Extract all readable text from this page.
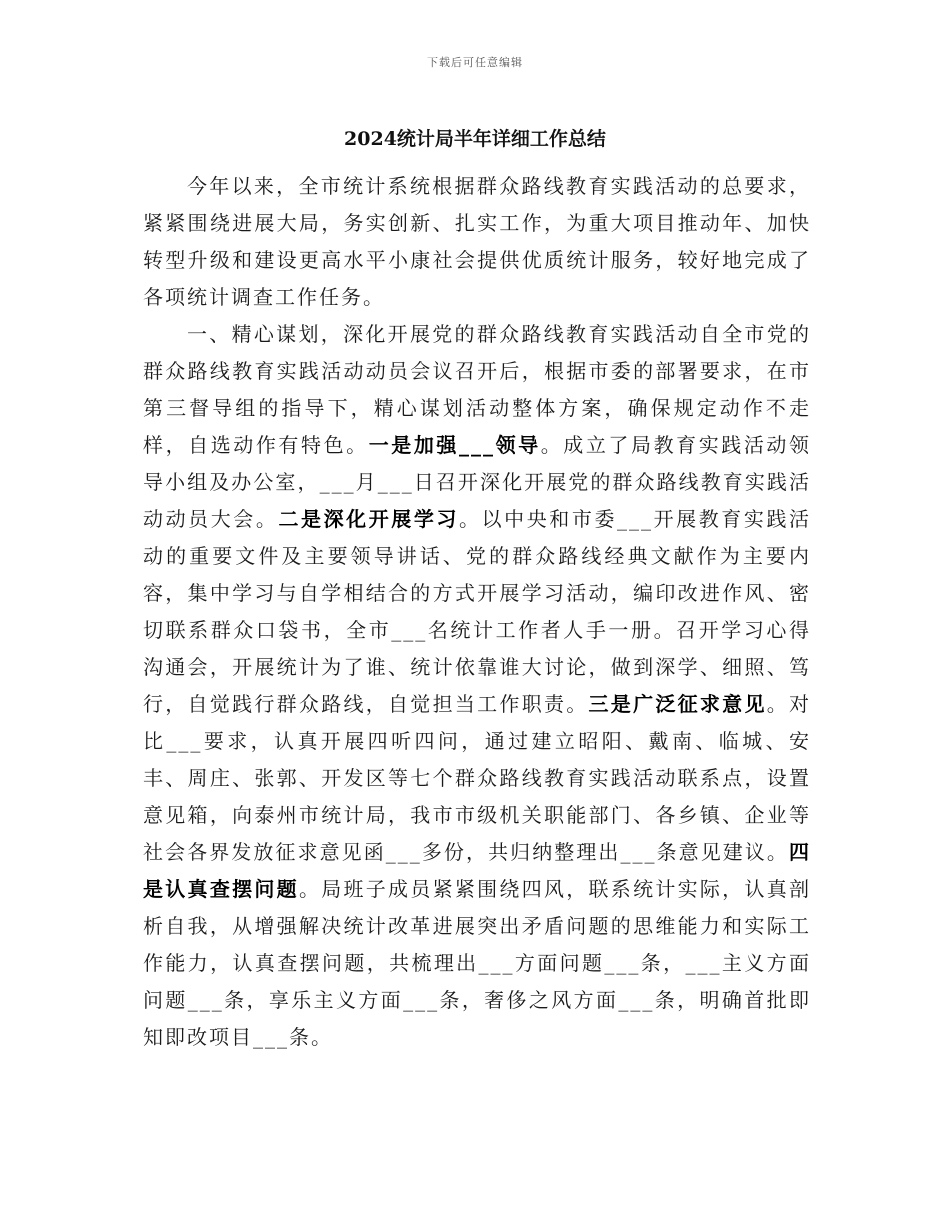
下载后可任意编辑
2024统计局半年详细工作总结

今年以来，全市统计系统根据群众路线教育实践活动的总要求，紧紧围绕进展大局，务实创新、扎实工作，为重大项目推动年、加快转型升级和建设更高水平小康社会提供优质统计服务，较好地完成了各项统计调查工作任务。

一、精心谋划，深化开展党的群众路线教育实践活动自全市党的群众路线教育实践活动动员会议召开后，根据市委的部署要求，在市第三督导组的指导下，精心谋划活动整体方案，确保规定动作不走样，自选动作有特色。一是加强___领导。成立了局教育实践活动领导小组及办公室，___月___日召开深化开展党的群众路线教育实践活动动员大会。二是深化开展学习。以中央和市委___开展教育实践活动的重要文件及主要领导讲话、党的群众路线经典文献作为主要内容，集中学习与自学相结合的方式开展学习活动，编印改进作风、密切联系群众口袋书，全市___名统计工作者人手一册。召开学习心得沟通会，开展统计为了谁、统计依靠谁大讨论，做到深学、细照、笃行，自觉践行群众路线，自觉担当工作职责。三是广泛征求意见。对比___要求，认真开展四听四问，通过建立昭阳、戴南、临城、安丰、周庄、张郭、开发区等七个群众路线教育实践活动联系点，设置意见箱，向泰州市统计局，我市市级机关职能部门、各乡镇、企业等社会各界发放征求意见函___多份，共归纳整理出___条意见建议。四是认真查摆问题。局班子成员紧紧围绕四风，联系统计实际，认真剖析自我，从增强解决统计改革进展突出矛盾问题的思维能力和实际工作能力，认真查摆问题，共梳理出___方面问题___条，___主义方面问题___条，享乐主义方面___条，奢侈之风方面___条，明确首批即知即改项目___条。
